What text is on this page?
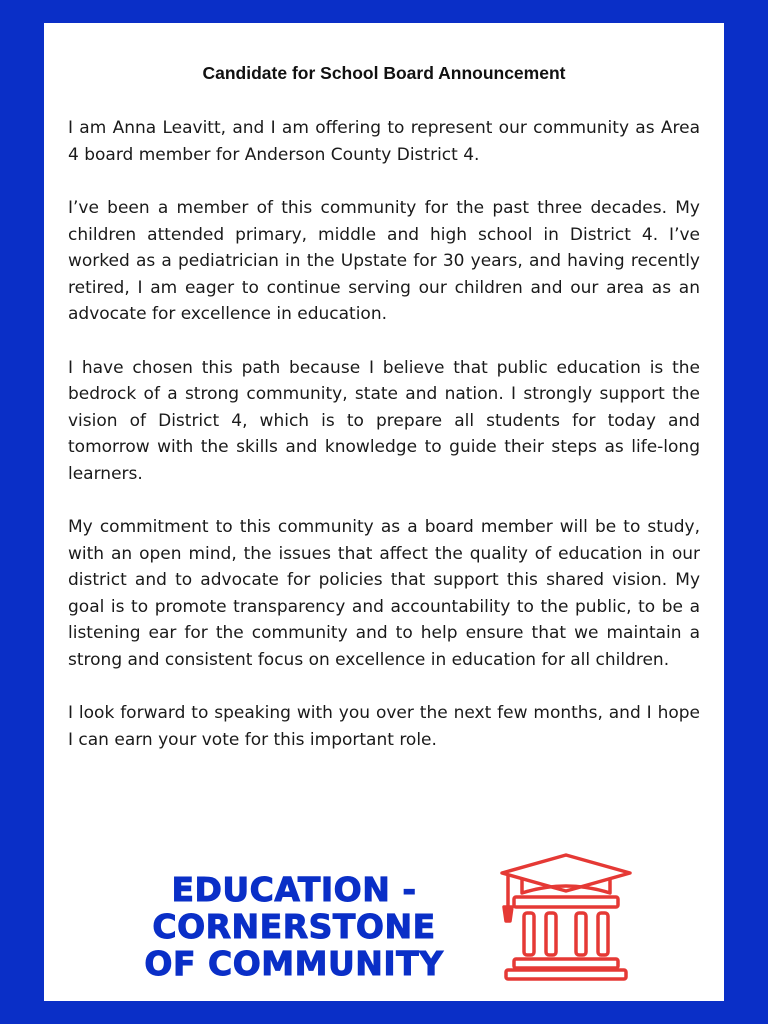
Candidate for School Board Announcement

I am Anna Leavitt, and I am offering to represent our community as Area 4 board member for Anderson County District 4.

I’ve been a member of this community for the past three decades. My children attended primary, middle and high school in District 4. I’ve worked as a pediatrician in the Upstate for 30 years, and having recently retired, I am eager to continue serving our children and our area as an advocate for excellence in education.

I have chosen this path because I believe that public education is the bedrock of a strong community, state and nation. I strongly support the vision of District 4, which is to prepare all students for today and tomorrow with the skills and knowledge to guide their steps as life-long learners.

My commitment to this community as a board member will be to study, with an open mind, the issues that affect the quality of education in our district and to advocate for policies that support this shared vision. My goal is to promote transparency and accountability to the public, to be a listening ear for the community and to help ensure that we maintain a strong and consistent focus on excellence in education for all children.

I look forward to speaking with you over the next few months, and I hope I can earn your vote for this important role.

EDUCATION -
CORNERSTONE
OF COMMUNITY
